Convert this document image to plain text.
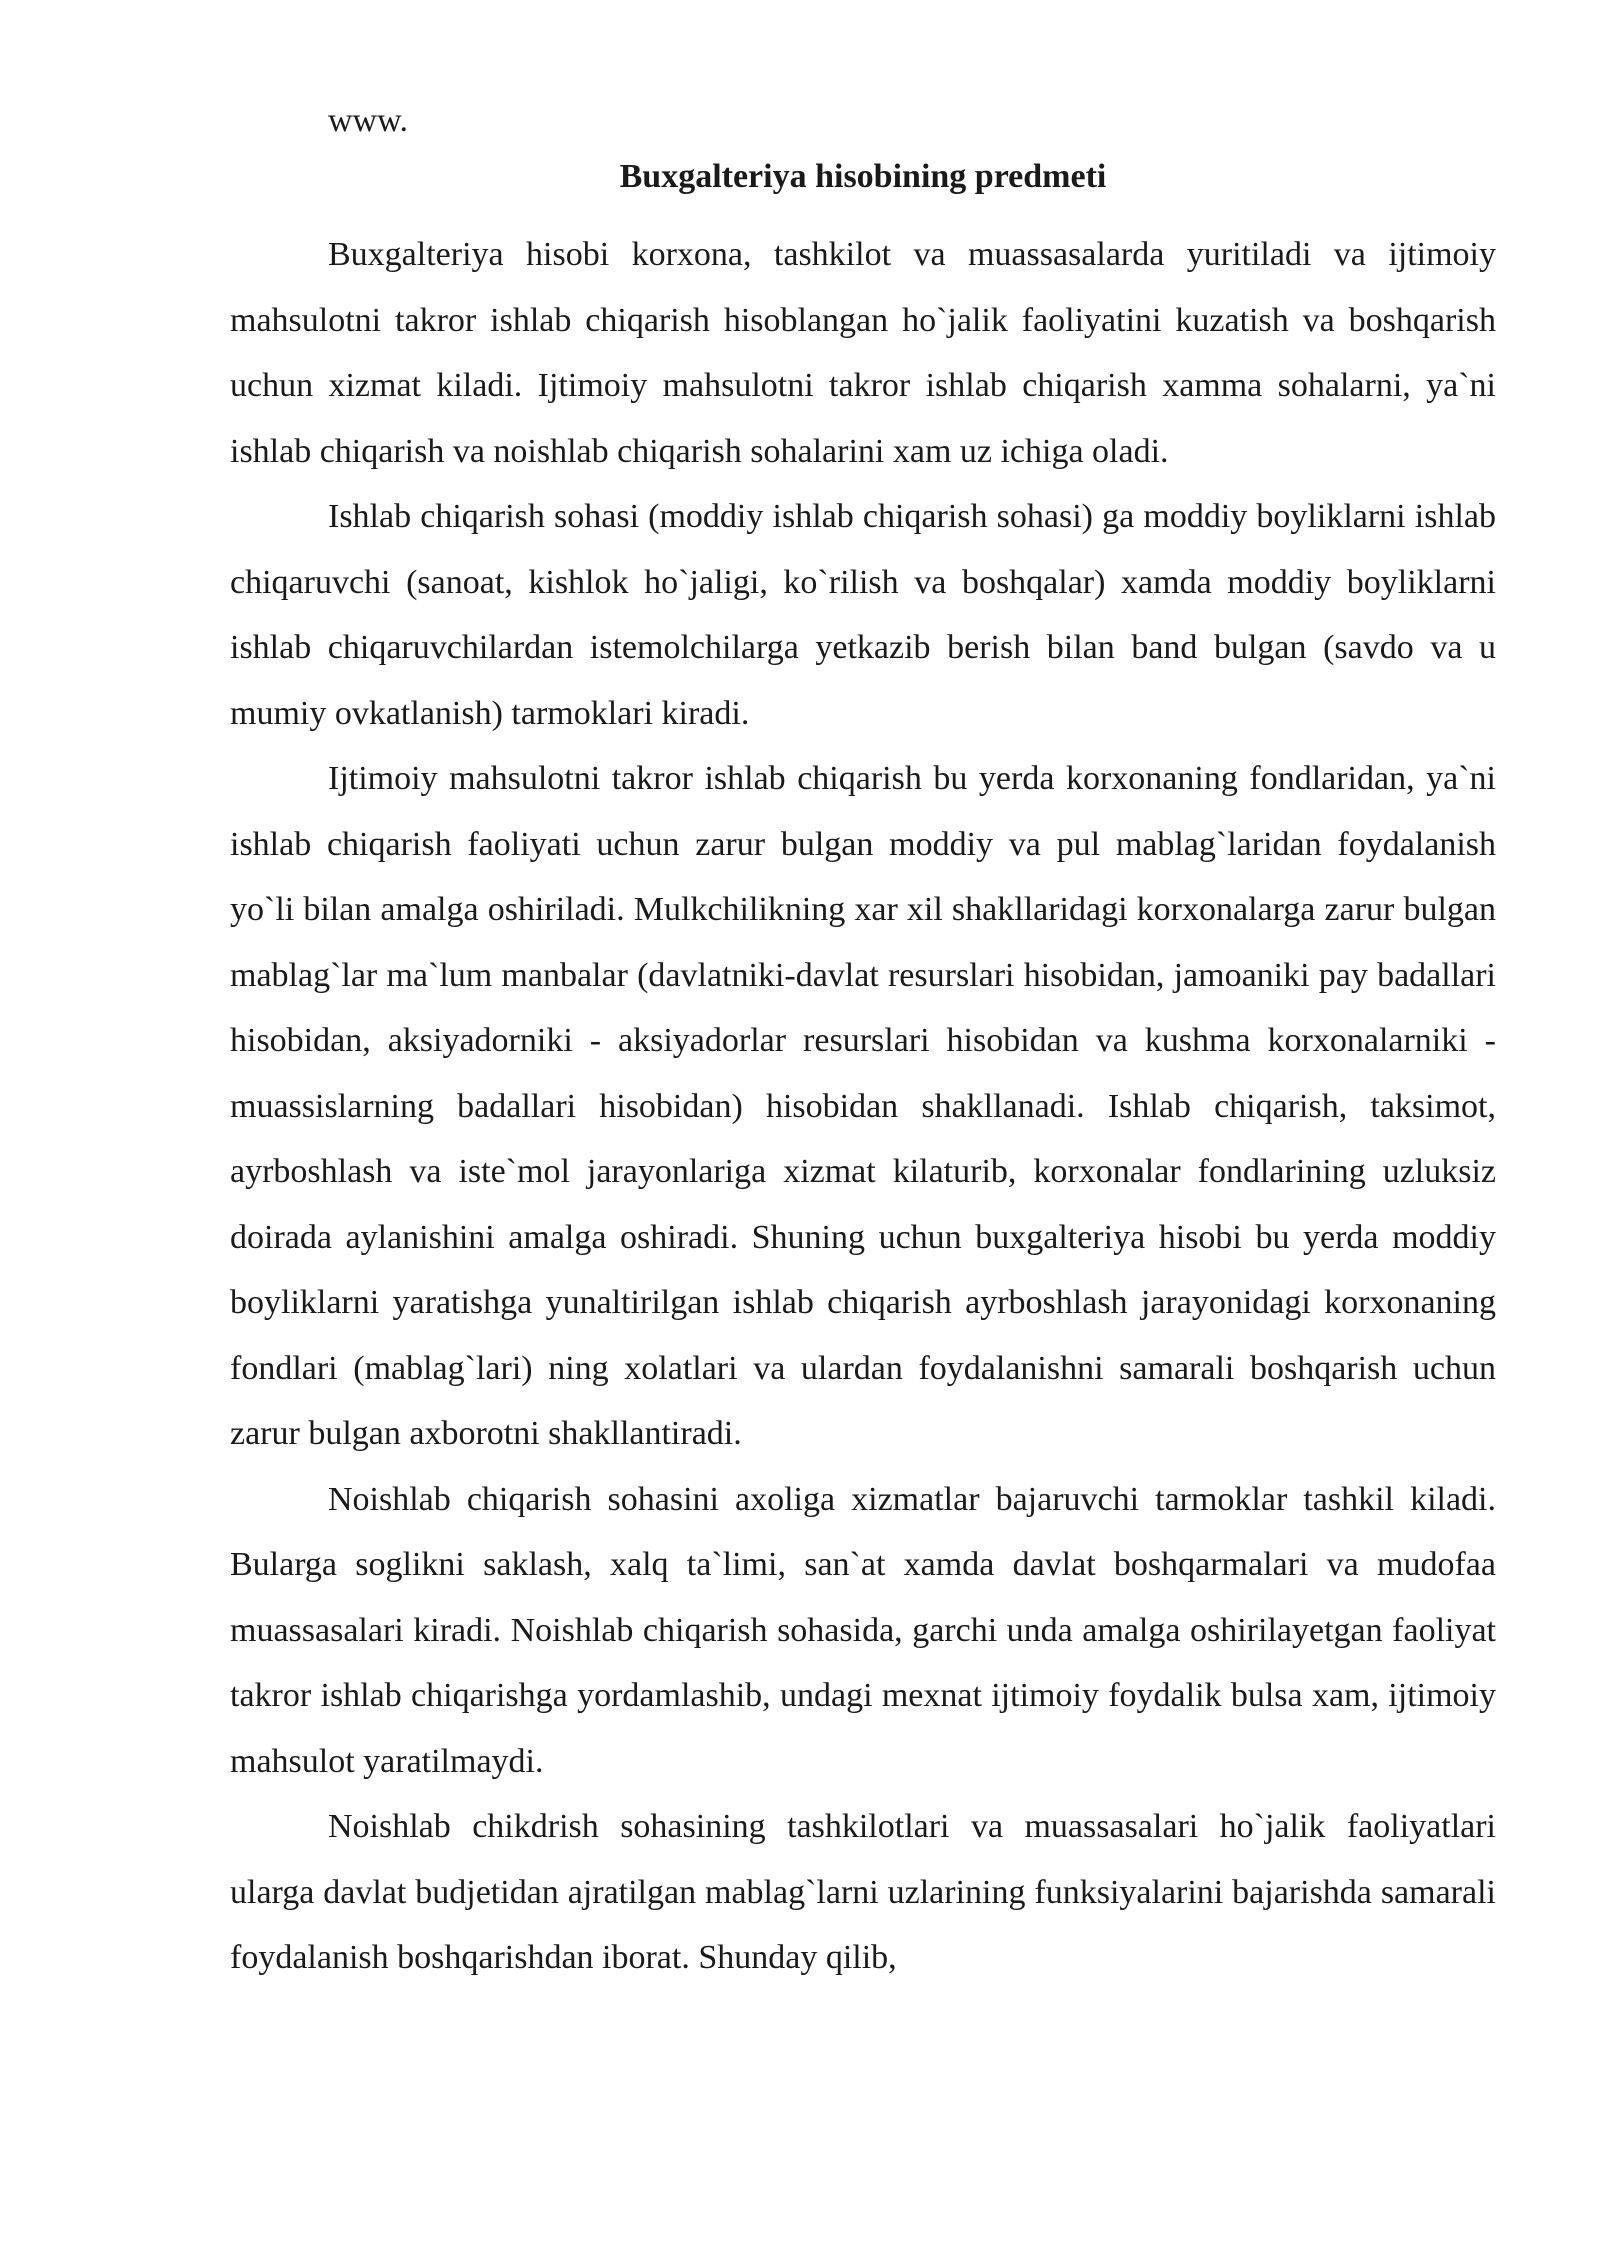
www.
Buxgalteriya hisobining predmeti

Buxgalteriya hisobi korxona, tashkilot va muassasalarda yuritiladi va ijtimoiy mahsulotni takror ishlab chiqarish hisoblangan ho`jalik faoliyatini kuzatish va boshqarish uchun xizmat kiladi. Ijtimoiy mahsulotni takror ishlab chiqarish xamma sohalarni, ya`ni ishlab chiqarish va noishlab chiqarish sohalarini xam uz ichiga oladi.

Ishlab chiqarish sohasi (moddiy ishlab chiqarish sohasi) ga moddiy boyliklarni ishlab chiqaruvchi (sanoat, kishlok ho`jaligi, ko`rilish va boshqalar) xamda moddiy boyliklarni ishlab chiqaruvchilardan istemolchilarga yetkazib berish bilan band bulgan (savdo va u mumiy ovkatlanish) tarmoklari kiradi.

Ijtimoiy mahsulotni takror ishlab chiqarish bu yerda korxonaning fondlaridan, ya`ni ishlab chiqarish faoliyati uchun zarur bulgan moddiy va pul mablag`laridan foydalanish yo`li bilan amalga oshiriladi. Mulkchilikning xar xil shakllaridagi korxonalarga zarur bulgan mablag`lar ma`lum manbalar (davlatniki-davlat resurslari hisobidan, jamoaniki pay badallari hisobidan, aksiyadorniki - aksiyadorlar resurslari hisobidan va kushma korxonalarniki - muassislarning badallari hisobidan) hisobidan shakllanadi. Ishlab chiqarish, taksimot, ayrboshlash va iste`mol jarayonlariga xizmat kilaturib, korxonalar fondlarining uzluksiz doirada aylanishini amalga oshiradi. Shuning uchun buxgalteriya hisobi bu yerda moddiy boyliklarni yaratishga yunaltirilgan ishlab chiqarish ayrboshlash jarayonidagi korxonaning fondlari (mablag`lari) ning xolatlari va ulardan foydalanishni samarali boshqarish uchun zarur bulgan axborotni shakllantiradi.

Noishlab chiqarish sohasini axoliga xizmatlar bajaruvchi tarmoklar tashkil kiladi. Bularga soglikni saklash, xalq ta`limi, san`at xamda davlat boshqarmalari va mudofaa muassasalari kiradi. Noishlab chiqarish sohasida, garchi unda amalga oshirilayetgan faoliyat takror ishlab chiqarishga yordamlashib, undagi mexnat ijtimoiy foydalik bulsa xam, ijtimoiy mahsulot yaratilmaydi.

Noishlab chikdrish sohasining tashkilotlari va muassasalari ho`jalik faoliyatlari ularga davlat budjetidan ajratilgan mablag`larni uzlarining funksiyalarini bajarishda samarali foydalanish boshqarishdan iborat. Shunday qilib,
